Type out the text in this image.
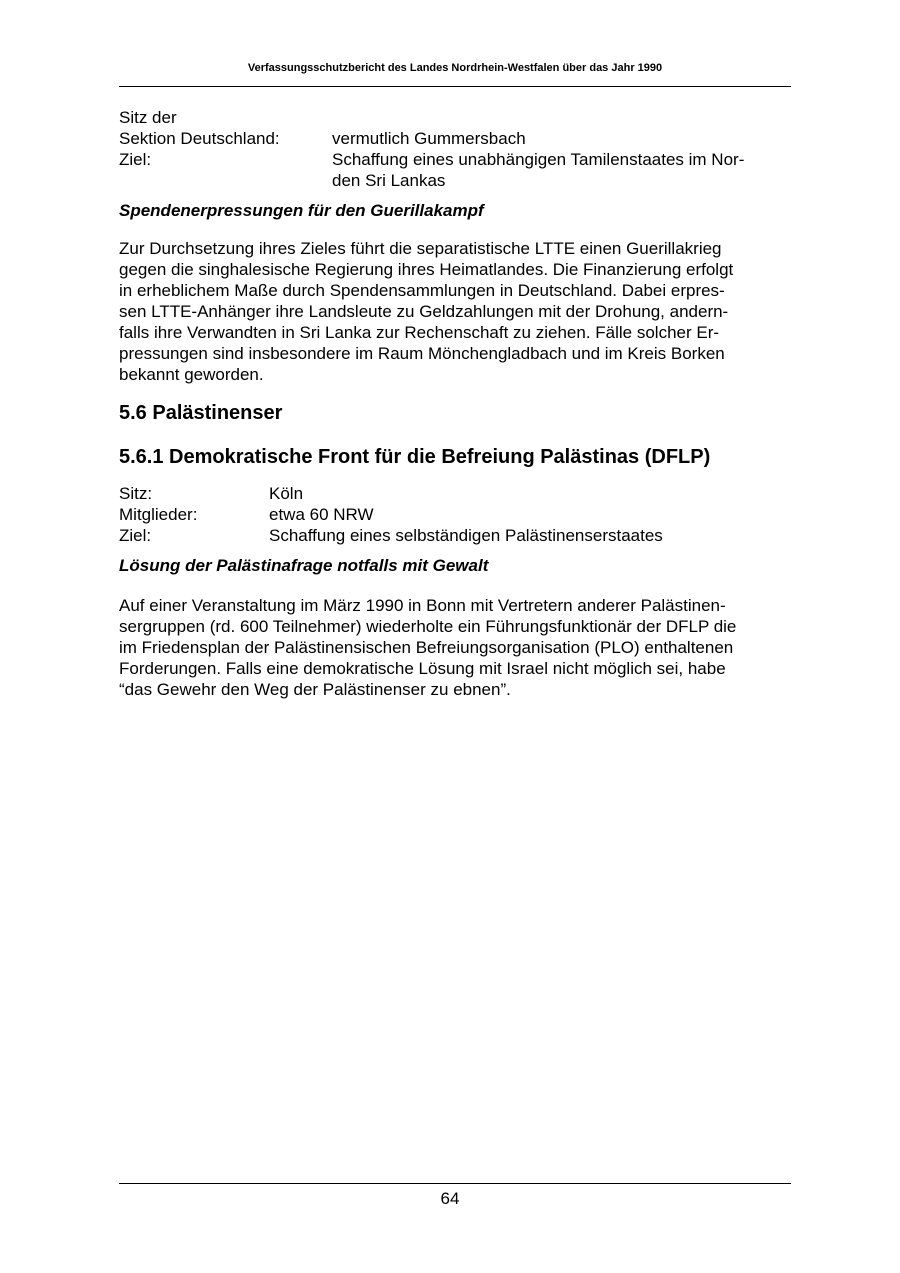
Verfassungsschutzbericht des Landes Nordrhein-Westfalen über das Jahr 1990
Sitz der
Sektion Deutschland:	vermutlich Gummersbach
Ziel:	Schaffung eines unabhängigen Tamilenstaates im Nor-
den Sri Lankas
Spendenerpressungen für den Guerillakampf
Zur Durchsetzung ihres Zieles führt die separatistische LTTE einen Guerillakrieg
gegen die singhalesische Regierung ihres Heimatlandes. Die Finanzierung erfolgt
in erheblichem Maße durch Spendensammlungen in Deutschland. Dabei erpres-
sen LTTE-Anhänger ihre Landsleute zu Geldzahlungen mit der Drohung, andern-
falls ihre Verwandten in Sri Lanka zur Rechenschaft zu ziehen. Fälle solcher Er-
pressungen sind insbesondere im Raum Mönchengladbach und im Kreis Borken
bekannt geworden.
5.6 Palästinenser
5.6.1 Demokratische Front für die Befreiung Palästinas (DFLP)
Sitz:	Köln
Mitglieder:	etwa 60 NRW
Ziel:	Schaffung eines selbständigen Palästinenserstaates
Lösung der Palästinafrage notfalls mit Gewalt
Auf einer Veranstaltung im März 1990 in Bonn mit Vertretern anderer Palästinen-
sergruppen (rd. 600 Teilnehmer) wiederholte ein Führungsfunktionär der DFLP die
im Friedensplan der Palästinensischen Befreiungsorganisation (PLO) enthaltenen
Forderungen. Falls eine demokratische Lösung mit Israel nicht möglich sei, habe
“das Gewehr den Weg der Palästinenser zu ebnen”.
64
